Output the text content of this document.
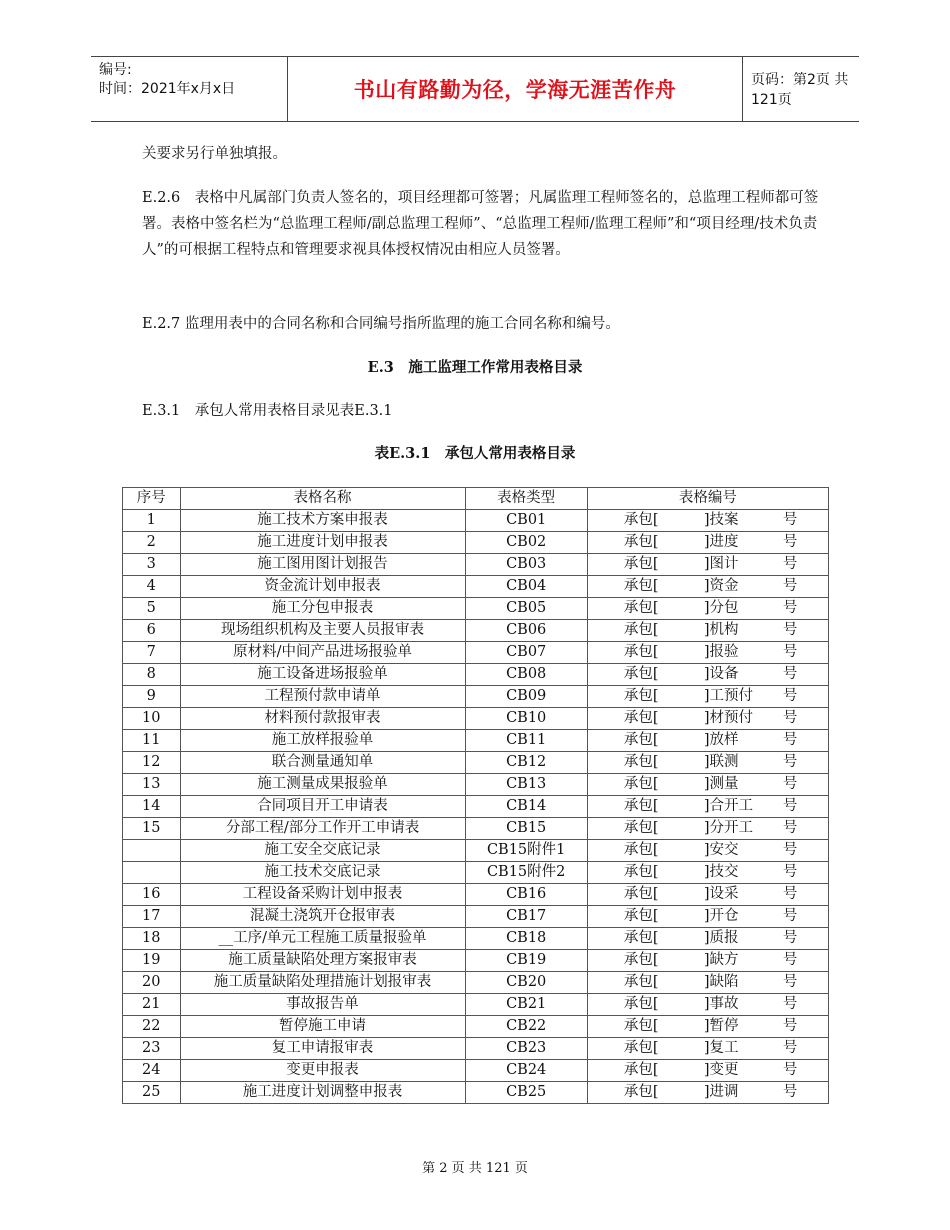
编号:
时间：2021年x月x日	书山有路勤为径，学海无涯苦作舟	页码：第2页 共121页
关要求另行单独填报。
E.2.6　表格中凡属部门负责人签名的，项目经理都可签署；凡属监理工程师签名的，总监理工程师都可签署。表格中签名栏为“总监理工程师/副总监理工程师”、“总监理工程师/监理工程师”和“项目经理/技术负责人”的可根据工程特点和管理要求视具体授权情况由相应人员签署。
E.2.7 监理用表中的合同名称和合同编号指所监理的施工合同名称和编号。
E.3　施工监理工作常用表格目录
E.3.1　承包人常用表格目录见表E.3.1
表E.3.1　承包人常用表格目录
序号	表格名称	表格类型	表格编号
1	施工技术方案申报表	CB01	承包[ ]技案 号

2	施工进度计划申报表	CB02	承包[ ]进度 号

3	施工图用图计划报告	CB03	承包[ ]图计 号

4	资金流计划申报表	CB04	承包[ ]资金 号

5	施工分包申报表	CB05	承包[ ]分包 号

6	现场组织机构及主要人员报审表	CB06	承包[ ]机构 号

7	原材料/中间产品进场报验单	CB07	承包[ ]报验 号

8	施工设备进场报验单	CB08	承包[ ]设备 号

9	工程预付款申请单	CB09	承包[ ]工预付 号

10	材料预付款报审表	CB10	承包[ ]材预付 号

11	施工放样报验单	CB11	承包[ ]放样 号

12	联合测量通知单	CB12	承包[ ]联测 号

13	施工测量成果报验单	CB13	承包[ ]测量 号

14	合同项目开工申请表	CB14	承包[ ]合开工 号

15	分部工程/部分工作开工申请表	CB15	承包[ ]分开工 号

	施工安全交底记录	CB15附件1	承包[ ]安交 号

	施工技术交底记录	CB15附件2	承包[ ]技交 号

16	工程设备采购计划申报表	CB16	承包[ ]设采 号

17	混凝土浇筑开仓报审表	CB17	承包[ ]开仓 号

18	__工序/单元工程施工质量报验单	CB18	承包[ ]质报 号

19	施工质量缺陷处理方案报审表	CB19	承包[ ]缺方 号

20	施工质量缺陷处理措施计划报审表	CB20	承包[ ]缺陷 号

21	事故报告单	CB21	承包[ ]事故 号

22	暂停施工申请	CB22	承包[ ]暂停 号

23	复工申请报审表	CB23	承包[ ]复工 号

24	变更申报表	CB24	承包[ ]变更 号

25	施工进度计划调整申报表	CB25	承包[ ]进调 号
第 2 页 共 121 页
